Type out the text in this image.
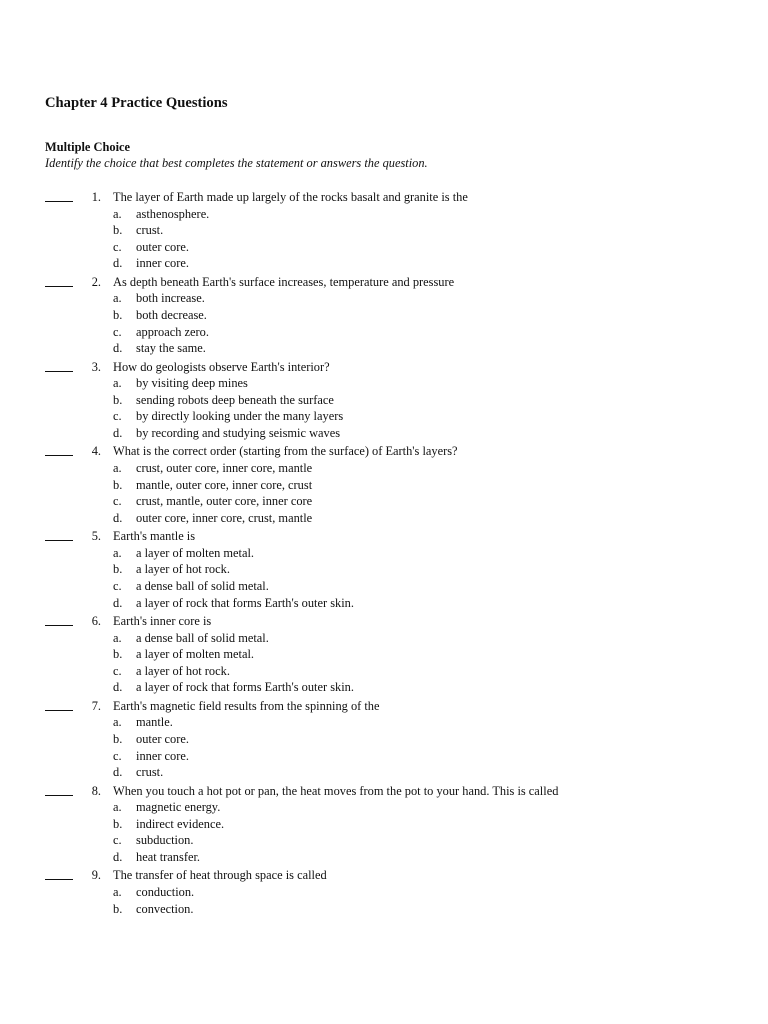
Chapter 4 Practice Questions
Multiple Choice
Identify the choice that best completes the statement or answers the question.
1. The layer of Earth made up largely of the rocks basalt and granite is the
a. asthenosphere.
b. crust.
c. outer core.
d. inner core.
2. As depth beneath Earth's surface increases, temperature and pressure
a. both increase.
b. both decrease.
c. approach zero.
d. stay the same.
3. How do geologists observe Earth's interior?
a. by visiting deep mines
b. sending robots deep beneath the surface
c. by directly looking under the many layers
d. by recording and studying seismic waves
4. What is the correct order (starting from the surface) of Earth's layers?
a. crust, outer core, inner core, mantle
b. mantle, outer core, inner core, crust
c. crust, mantle, outer core, inner core
d. outer core, inner core, crust, mantle
5. Earth's mantle is
a. a layer of molten metal.
b. a layer of hot rock.
c. a dense ball of solid metal.
d. a layer of rock that forms Earth's outer skin.
6. Earth's inner core is
a. a dense ball of solid metal.
b. a layer of molten metal.
c. a layer of hot rock.
d. a layer of rock that forms Earth's outer skin.
7. Earth's magnetic field results from the spinning of the
a. mantle.
b. outer core.
c. inner core.
d. crust.
8. When you touch a hot pot or pan, the heat moves from the pot to your hand. This is called
a. magnetic energy.
b. indirect evidence.
c. subduction.
d. heat transfer.
9. The transfer of heat through space is called
a. conduction.
b. convection.
